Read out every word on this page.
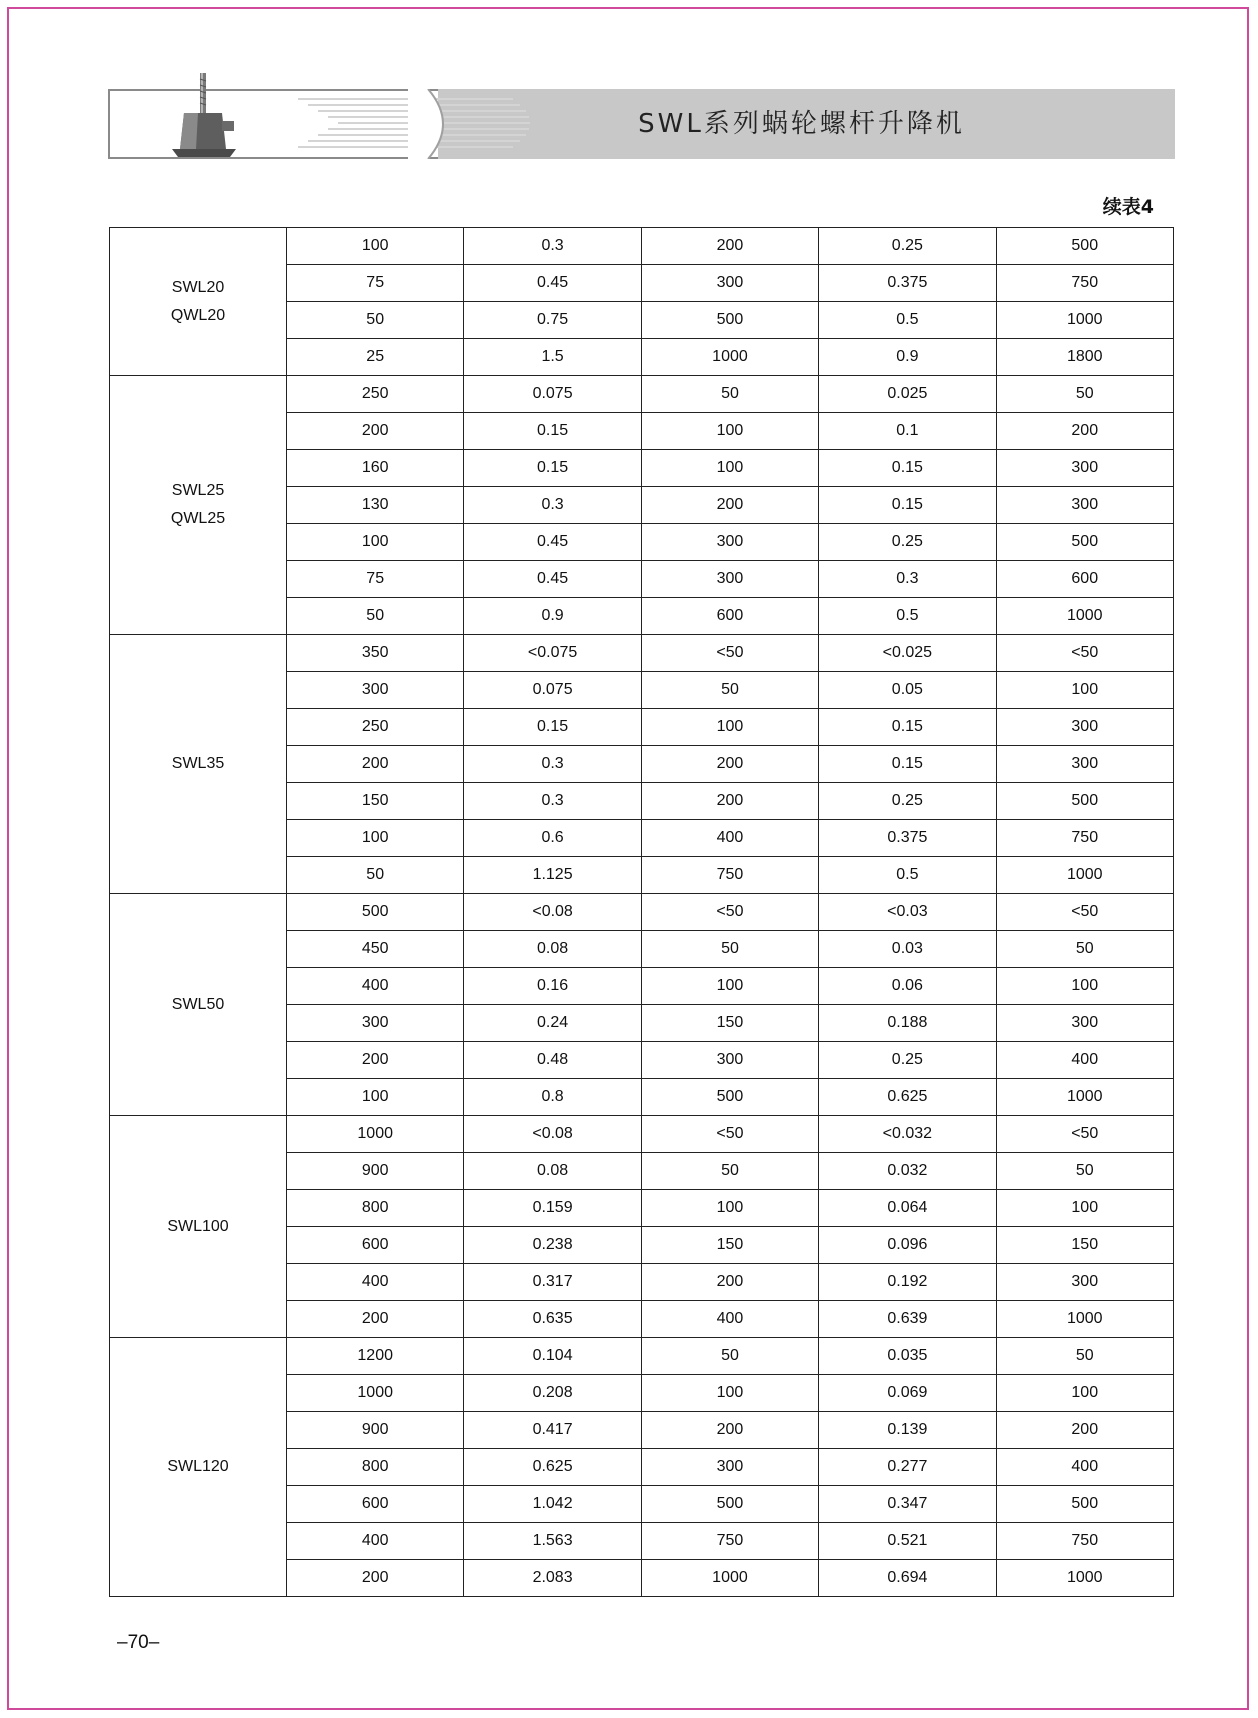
SWL系列蜗轮螺杆升降机
续表4
SWL20
QWL20	100	0.3	200	0.25	500
	75	0.45	300	0.375	750
	50	0.75	500	0.5	1000
	25	1.5	1000	0.9	1800

SWL25
QWL25	250	0.075	50	0.025	50
	200	0.15	100	0.1	200
	160	0.15	100	0.15	300
	130	0.3	200	0.15	300
	100	0.45	300	0.25	500
	75	0.45	300	0.3	600
	50	0.9	600	0.5	1000

SWL35	350	<0.075	<50	<0.025	<50
	300	0.075	50	0.05	100
	250	0.15	100	0.15	300
	200	0.3	200	0.15	300
	150	0.3	200	0.25	500
	100	0.6	400	0.375	750
	50	1.125	750	0.5	1000

SWL50	500	<0.08	<50	<0.03	<50
	450	0.08	50	0.03	50
	400	0.16	100	0.06	100
	300	0.24	150	0.188	300
	200	0.48	300	0.25	400
	100	0.8	500	0.625	1000

SWL100	1000	<0.08	<50	<0.032	<50
	900	0.08	50	0.032	50
	800	0.159	100	0.064	100
	600	0.238	150	0.096	150
	400	0.317	200	0.192	300
	200	0.635	400	0.639	1000

SWL120	1200	0.104	50	0.035	50
	1000	0.208	100	0.069	100
	900	0.417	200	0.139	200
	800	0.625	300	0.277	400
	600	1.042	500	0.347	500
	400	1.563	750	0.521	750
	200	2.083	1000	0.694	1000
–70–
